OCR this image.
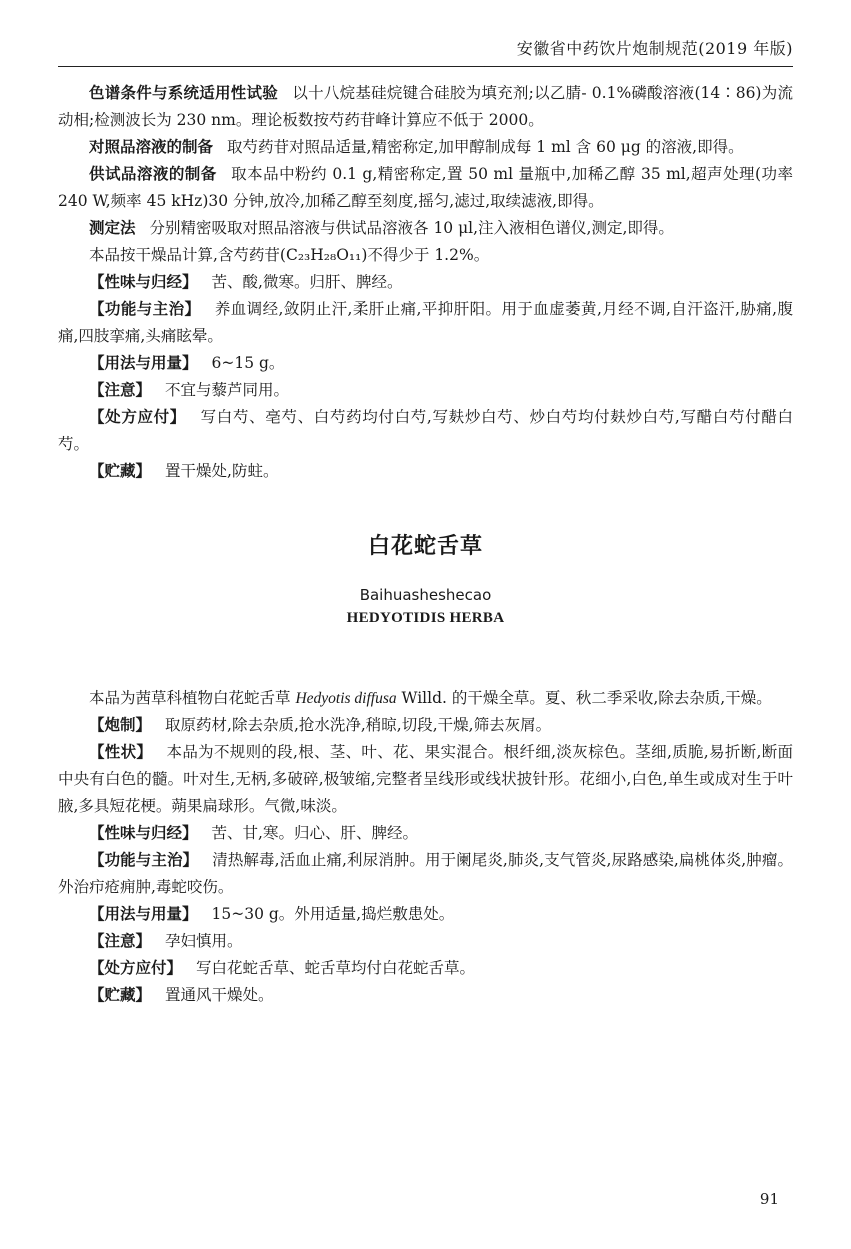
安徽省中药饮片炮制规范(2019 年版)

色谱条件与系统适用性试验 以十八烷基硅烷键合硅胶为填充剂;以乙腈- 0.1%磷酸溶液(14∶86)为流动相;检测波长为 230 nm。理论板数按芍药苷峰计算应不低于 2000。

对照品溶液的制备 取芍药苷对照品适量,精密称定,加甲醇制成每 1 ml 含 60 μg 的溶液,即得。

供试品溶液的制备 取本品中粉约 0.1 g,精密称定,置 50 ml 量瓶中,加稀乙醇 35 ml,超声处理(功率 240 W,频率 45 kHz)30 分钟,放冷,加稀乙醇至刻度,摇匀,滤过,取续滤液,即得。

测定法 分别精密吸取对照品溶液与供试品溶液各 10 μl,注入液相色谱仪,测定,即得。

本品按干燥品计算,含芍药苷(C₂₃H₂₈O₁₁)不得少于 1.2%。

【性味与归经】 苦、酸,微寒。归肝、脾经。

【功能与主治】 养血调经,敛阴止汗,柔肝止痛,平抑肝阳。用于血虚萎黄,月经不调,自汗盗汗,胁痛,腹痛,四肢挛痛,头痛眩晕。

【用法与用量】 6~15 g。

【注意】 不宜与藜芦同用。

【处方应付】 写白芍、亳芍、白芍药均付白芍,写麸炒白芍、炒白芍均付麸炒白芍,写醋白芍付醋白芍。

【贮藏】 置干燥处,防蛀。

白花蛇舌草
Baihuasheshecao
HEDYOTIDIS HERBA

本品为茜草科植物白花蛇舌草 Hedyotis diffusa Willd. 的干燥全草。夏、秋二季采收,除去杂质,干燥。

【炮制】 取原药材,除去杂质,抢水洗净,稍晾,切段,干燥,筛去灰屑。

【性状】 本品为不规则的段,根、茎、叶、花、果实混合。根纤细,淡灰棕色。茎细,质脆,易折断,断面中央有白色的髓。叶对生,无柄,多破碎,极皱缩,完整者呈线形或线状披针形。花细小,白色,单生或成对生于叶腋,多具短花梗。蒴果扁球形。气微,味淡。

【性味与归经】 苦、甘,寒。归心、肝、脾经。

【功能与主治】 清热解毒,活血止痛,利尿消肿。用于阑尾炎,肺炎,支气管炎,尿路感染,扁桃体炎,肿瘤。外治疖疮痈肿,毒蛇咬伤。

【用法与用量】 15~30 g。外用适量,捣烂敷患处。

【注意】 孕妇慎用。

【处方应付】 写白花蛇舌草、蛇舌草均付白花蛇舌草。

【贮藏】 置通风干燥处。

91
